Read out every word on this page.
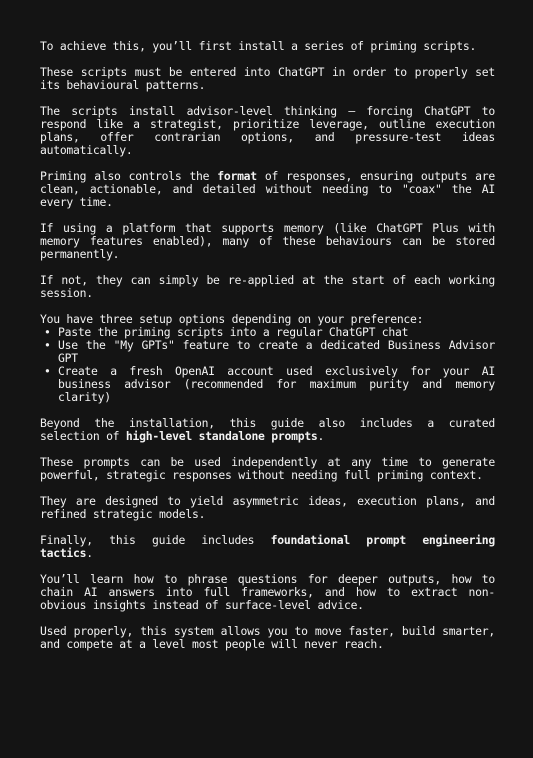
To achieve this, you’ll first install a series of priming scripts.

These scripts must be entered into ChatGPT in order to properly set its behavioural patterns.

The scripts install advisor-level thinking — forcing ChatGPT to respond like a strategist, prioritize leverage, outline execution plans, offer contrarian options, and pressure-test ideas automatically.

Priming also controls the format of responses, ensuring outputs are clean, actionable, and detailed without needing to "coax" the AI every time.

If using a platform that supports memory (like ChatGPT Plus with memory features enabled), many of these behaviours can be stored permanently.

If not, they can simply be re-applied at the start of each working session.

You have three setup options depending on your preference:

• Paste the priming scripts into a regular ChatGPT chat
• Use the "My GPTs" feature to create a dedicated Business Advisor GPT
• Create a fresh OpenAI account used exclusively for your AI business advisor (recommended for maximum purity and memory clarity)

Beyond the installation, this guide also includes a curated selection of high-level standalone prompts.

These prompts can be used independently at any time to generate powerful, strategic responses without needing full priming context.

They are designed to yield asymmetric ideas, execution plans, and refined strategic models.

Finally, this guide includes foundational prompt engineering tactics.

You’ll learn how to phrase questions for deeper outputs, how to chain AI answers into full frameworks, and how to extract non-obvious insights instead of surface-level advice.

Used properly, this system allows you to move faster, build smarter, and compete at a level most people will never reach.
